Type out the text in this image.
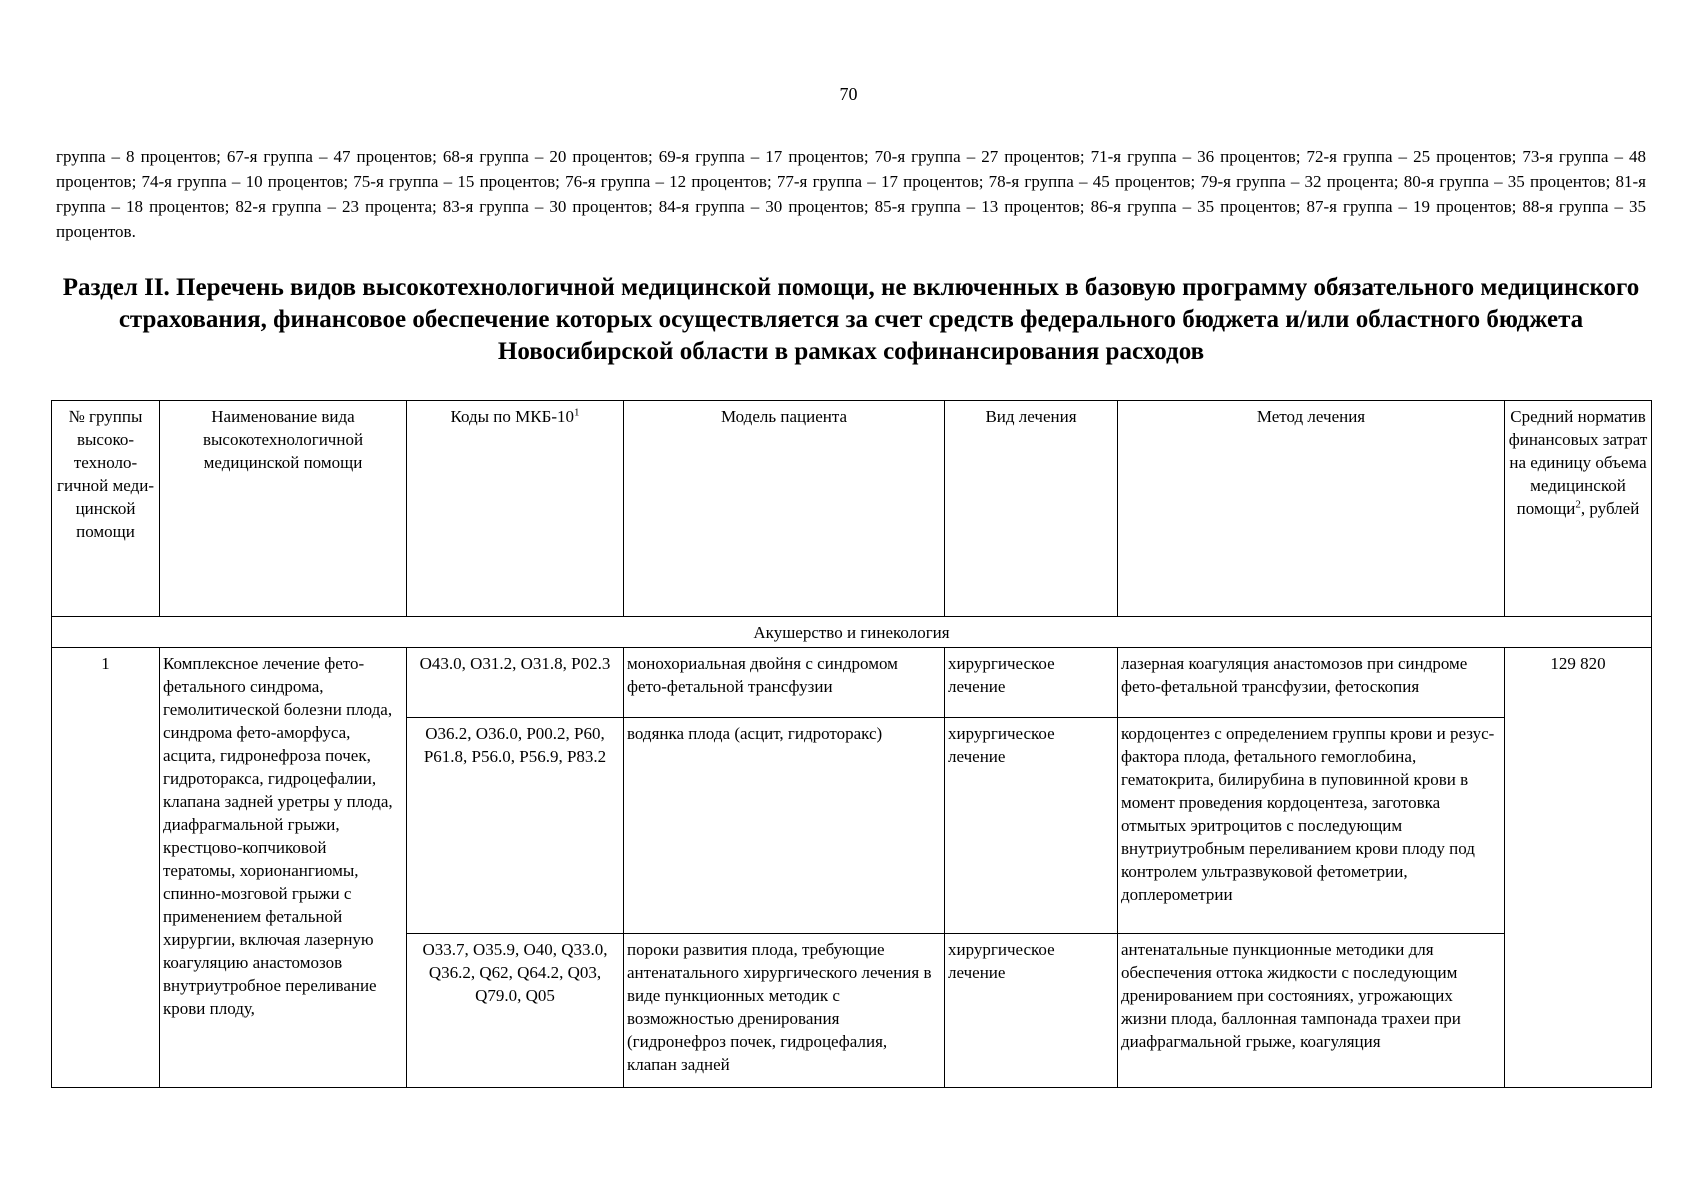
70
группа – 8 процентов; 67-я группа – 47 процентов; 68-я группа – 20 процентов; 69-я группа – 17 процентов; 70-я группа – 27 процентов; 71-я группа – 36 процентов; 72-я группа – 25 процентов; 73-я группа – 48 процентов; 74-я группа – 10 процентов; 75-я группа – 15 процентов; 76-я группа – 12 процентов; 77-я группа – 17 процентов; 78-я группа – 45 процентов; 79-я группа – 32 процента; 80-я группа – 35 процентов; 81-я группа – 18 процентов; 82-я группа – 23 процента; 83-я группа – 30 процентов; 84-я группа – 30 процентов; 85-я группа – 13 процентов; 86-я группа – 35 процентов; 87-я группа – 19 процентов; 88-я группа – 35 процентов.
Раздел II. Перечень видов высокотехнологичной медицинской помощи, не включенных в базовую программу обязательного медицинского страхования, финансовое обеспечение которых осуществляется за счет средств федерального бюджета и/или областного бюджета Новосибирской области в рамках софинансирования расходов
№ группы высоко-техноло-гичной меди-цинской помощи	Наименование вида высокотехнологичной медицинской помощи	Коды по МКБ-$10^1$	Модель пациента	Вид лечения	Метод лечения	Средний норматив финансовых затрат на единицу объема медицинской помощи$^2$, рублей
Акушерство и гинекология						
1	Комплексное лечение фето-фетального синдрома, гемолитической болезни плода, синдрома фето-аморфуса, асцита, гидронефроза почек, гидроторакса, гидроцефалии, клапана задней уретры у плода, диафрагмальной грыжи, крестцово-копчиковой тератомы, хорионангиомы, спинно-мозговой грыжи с применением фетальной хирургии, включая лазерную коагуляцию анастомозов внутриутробное переливание крови плоду,	O43.0, O31.2, O31.8, P02.3	монохориальная двойня с синдромом фето-фетальной трансфузии	хирургическое лечение	лазерная коагуляция анастомозов при синдроме фето-фетальной трансфузии, фетоскопия	129 820
		O36.2, O36.0, P00.2, P60, P61.8, P56.0, P56.9, P83.2	водянка плода (асцит, гидроторакс)	хирургическое лечение	кордоцентез с определением группы крови и резус-фактора плода, фетального гемоглобина, гематокрита, билирубина в пуповинной крови в момент проведения кордоцентеза, заготовка отмытых эритроцитов с последующим внутриутробным переливанием крови плоду под контролем ультразвуковой фетометрии, доплерометрии	
		O33.7, O35.9, O40, Q33.0, Q36.2, Q62, Q64.2, Q03, Q79.0, Q05	пороки развития плода, требующие антенатального хирургического лечения в виде пункционных методик с возможностью дренирования (гидронефроз почек, гидроцефалия, клапан задней	хирургическое лечение	антенатальные пункционные методики для обеспечения оттока жидкости с последующим дренированием при состояниях, угрожающих жизни плода, баллонная тампонада трахеи при диафрагмальной грыже, коагуляция	
